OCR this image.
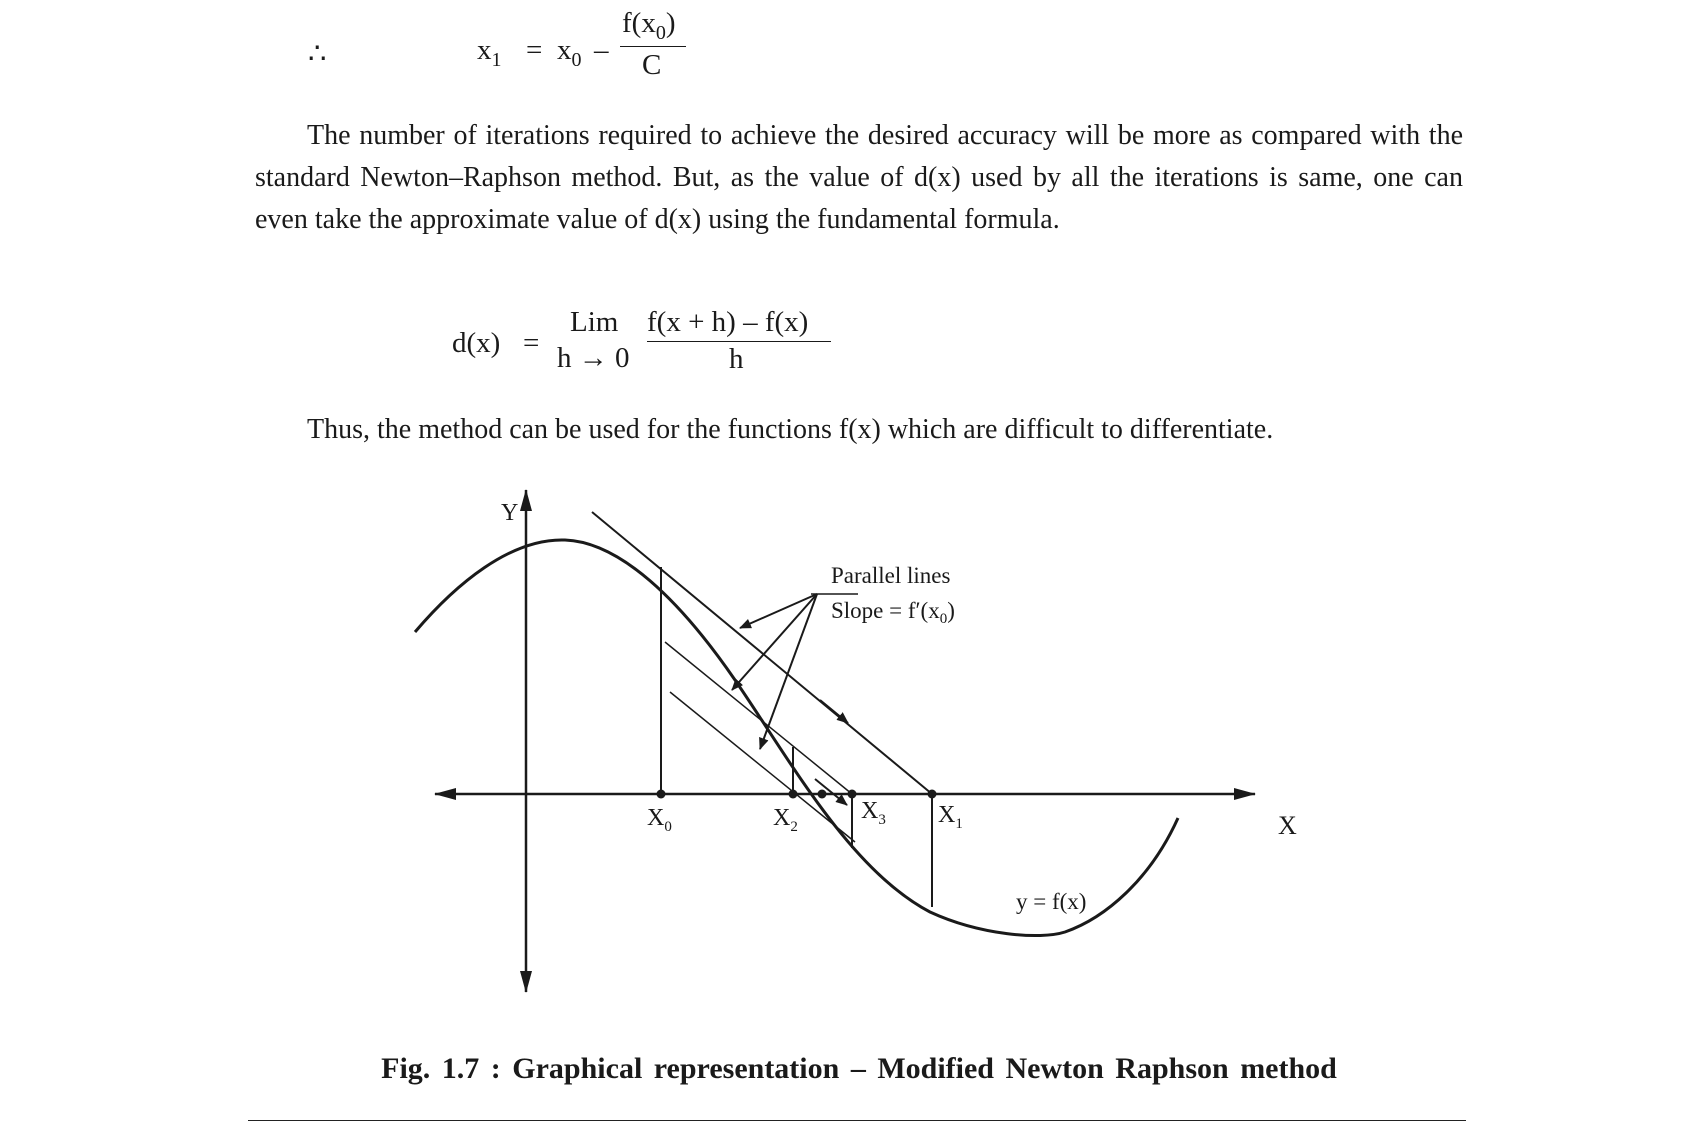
∴	$x_1 = x_0$ –
$f(x_0)$
C

The number of iterations required to achieve the desired accuracy will be more as compared with the standard Newton–Raphson method. But, as the value of d(x) used by all the iterations is same, one can even take the approximate value of d(x) using the fundamental formula.

d(x) =
Lim
h → 0
f(x + h) – f(x)
h

Thus, the method can be used for the functions f(x) which are difficult to differentiate.

Y
X
$X_0$	$X_2$
$X_3$ $X_1$
Parallel lines
Slope = $f'(x_0)$
y = f(x)
Fig. 1.7 : Graphical representation – Modified Newton Raphson method
